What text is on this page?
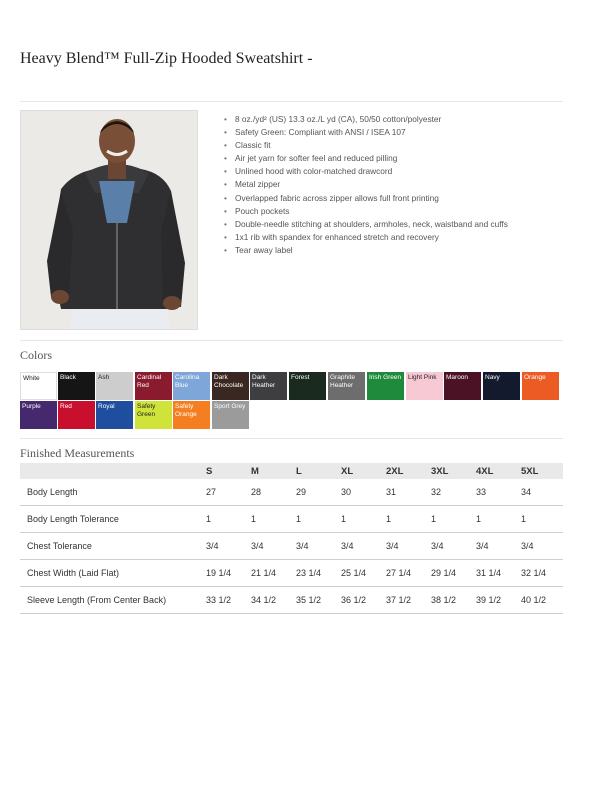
Heavy Blend™ Full-Zip Hooded Sweatshirt -
• 8 oz./yd² (US) 13.3 oz./L yd (CA), 50/50 cotton/polyester
• Safety Green: Compliant with ANSI / ISEA 107
• Classic fit
• Air jet yarn for softer feel and reduced pilling
• Unlined hood with color-matched drawcord
• Metal zipper
• Overlapped fabric across zipper allows full front printing
• Pouch pockets
• Double-needle stitching at shoulders, armholes, neck, waistband and cuffs
• 1x1 rib with spandex for enhanced stretch and recovery
• Tear away label
Colors
White	Black	Ash	Cardinal Red
Carolina Blue
Dark Chocolate
Dark Heather
Forest	Graphite Heather
Irish Green	Light Pink	Maroon	Navy	Orange
Purple	Red	Royal	Safety Green
Safety Orange
Sport Grey
Finished Measurements
	S	M	L	XL	2XL	3XL	4XL	5XL
Body Length	27	28	29	30	31	32	33	34
Body Length Tolerance	1	1	1	1	1	1	1	1
Chest Tolerance	3/4	3/4	3/4	3/4	3/4	3/4	3/4	3/4
Chest Width (Laid Flat)	19 1/4	21 1/4	23 1/4	25 1/4	27 1/4	29 1/4	31 1/4	32 1/4
Sleeve Length (From Center Back)	33 1/2	34 1/2	35 1/2	36 1/2	37 1/2	38 1/2	39 1/2	40 1/2
